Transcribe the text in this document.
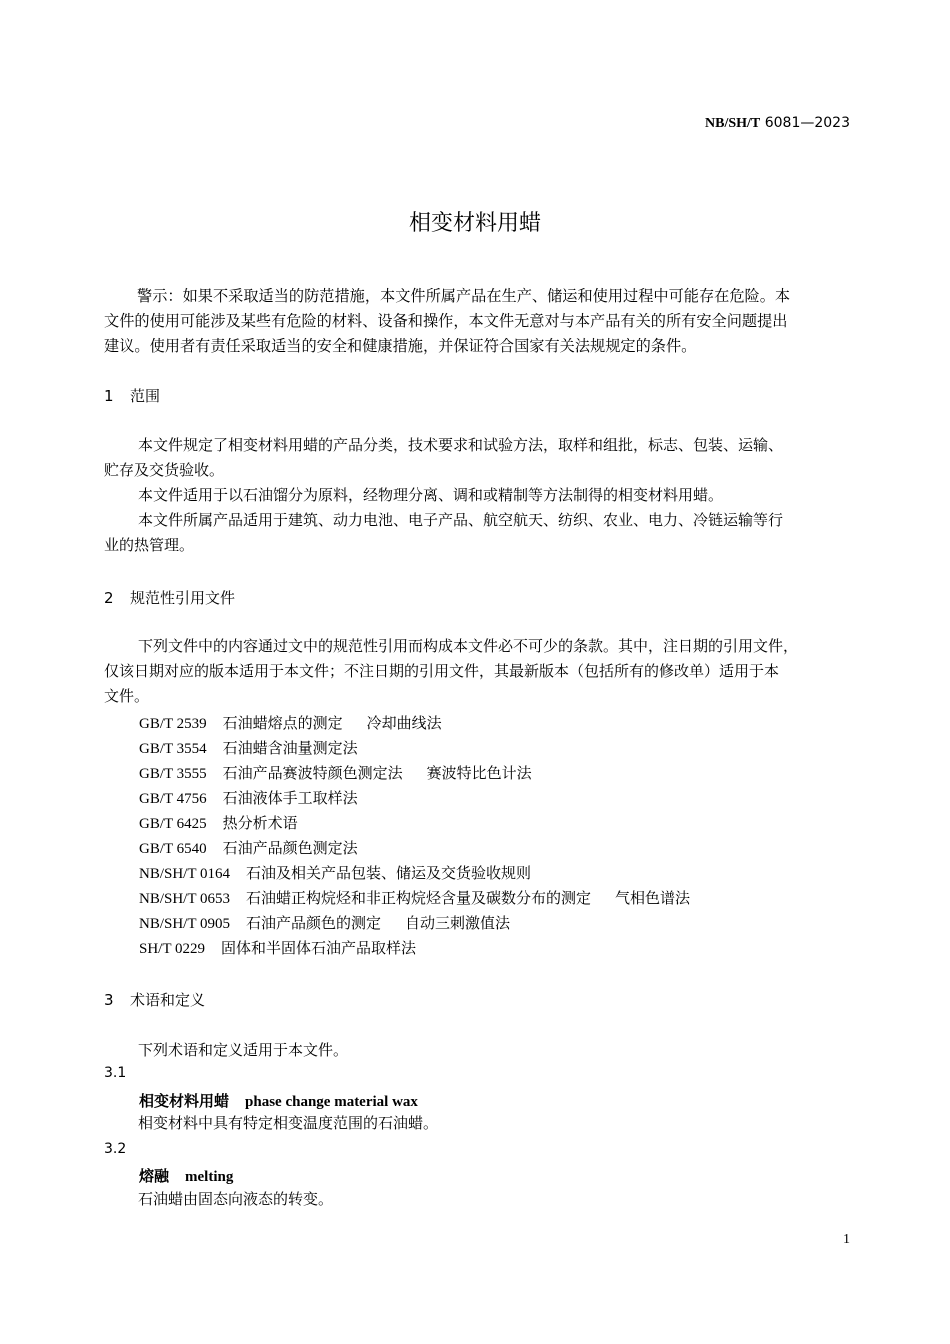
NB/SH/T 6081—2023
相变材料用蜡
警示：如果不采取适当的防范措施，本文件所属产品在生产、储运和使用过程中可能存在危险。本
文件的使用可能涉及某些有危险的材料、设备和操作，本文件无意对与本产品有关的所有安全问题提出
建议。使用者有责任采取适当的安全和健康措施，并保证符合国家有关法规规定的条件。
1 范围
本文件规定了相变材料用蜡的产品分类，技术要求和试验方法，取样和组批，标志、包装、运输、
贮存及交货验收。
本文件适用于以石油馏分为原料，经物理分离、调和或精制等方法制得的相变材料用蜡。
本文件所属产品适用于建筑、动力电池、电子产品、航空航天、纺织、农业、电力、冷链运输等行
业的热管理。
2 规范性引用文件
下列文件中的内容通过文中的规范性引用而构成本文件必不可少的条款。其中，注日期的引用文件，
仅该日期对应的版本适用于本文件；不注日期的引用文件，其最新版本（包括所有的修改单）适用于本
文件。
GB/T 2539 石油蜡熔点的测定 冷却曲线法
GB/T 3554 石油蜡含油量测定法
GB/T 3555 石油产品赛波特颜色测定法 赛波特比色计法
GB/T 4756 石油液体手工取样法
GB/T 6425 热分析术语
GB/T 6540 石油产品颜色测定法
NB/SH/T 0164 石油及相关产品包装、储运及交货验收规则
NB/SH/T 0653 石油蜡正构烷烃和非正构烷烃含量及碳数分布的测定 气相色谱法
NB/SH/T 0905 石油产品颜色的测定 自动三刺激值法
SH/T 0229 固体和半固体石油产品取样法
3 术语和定义
下列术语和定义适用于本文件。
3.1
相变材料用蜡 phase change material wax
相变材料中具有特定相变温度范围的石油蜡。
3.2
熔融 melting
石油蜡由固态向液态的转变。
1
